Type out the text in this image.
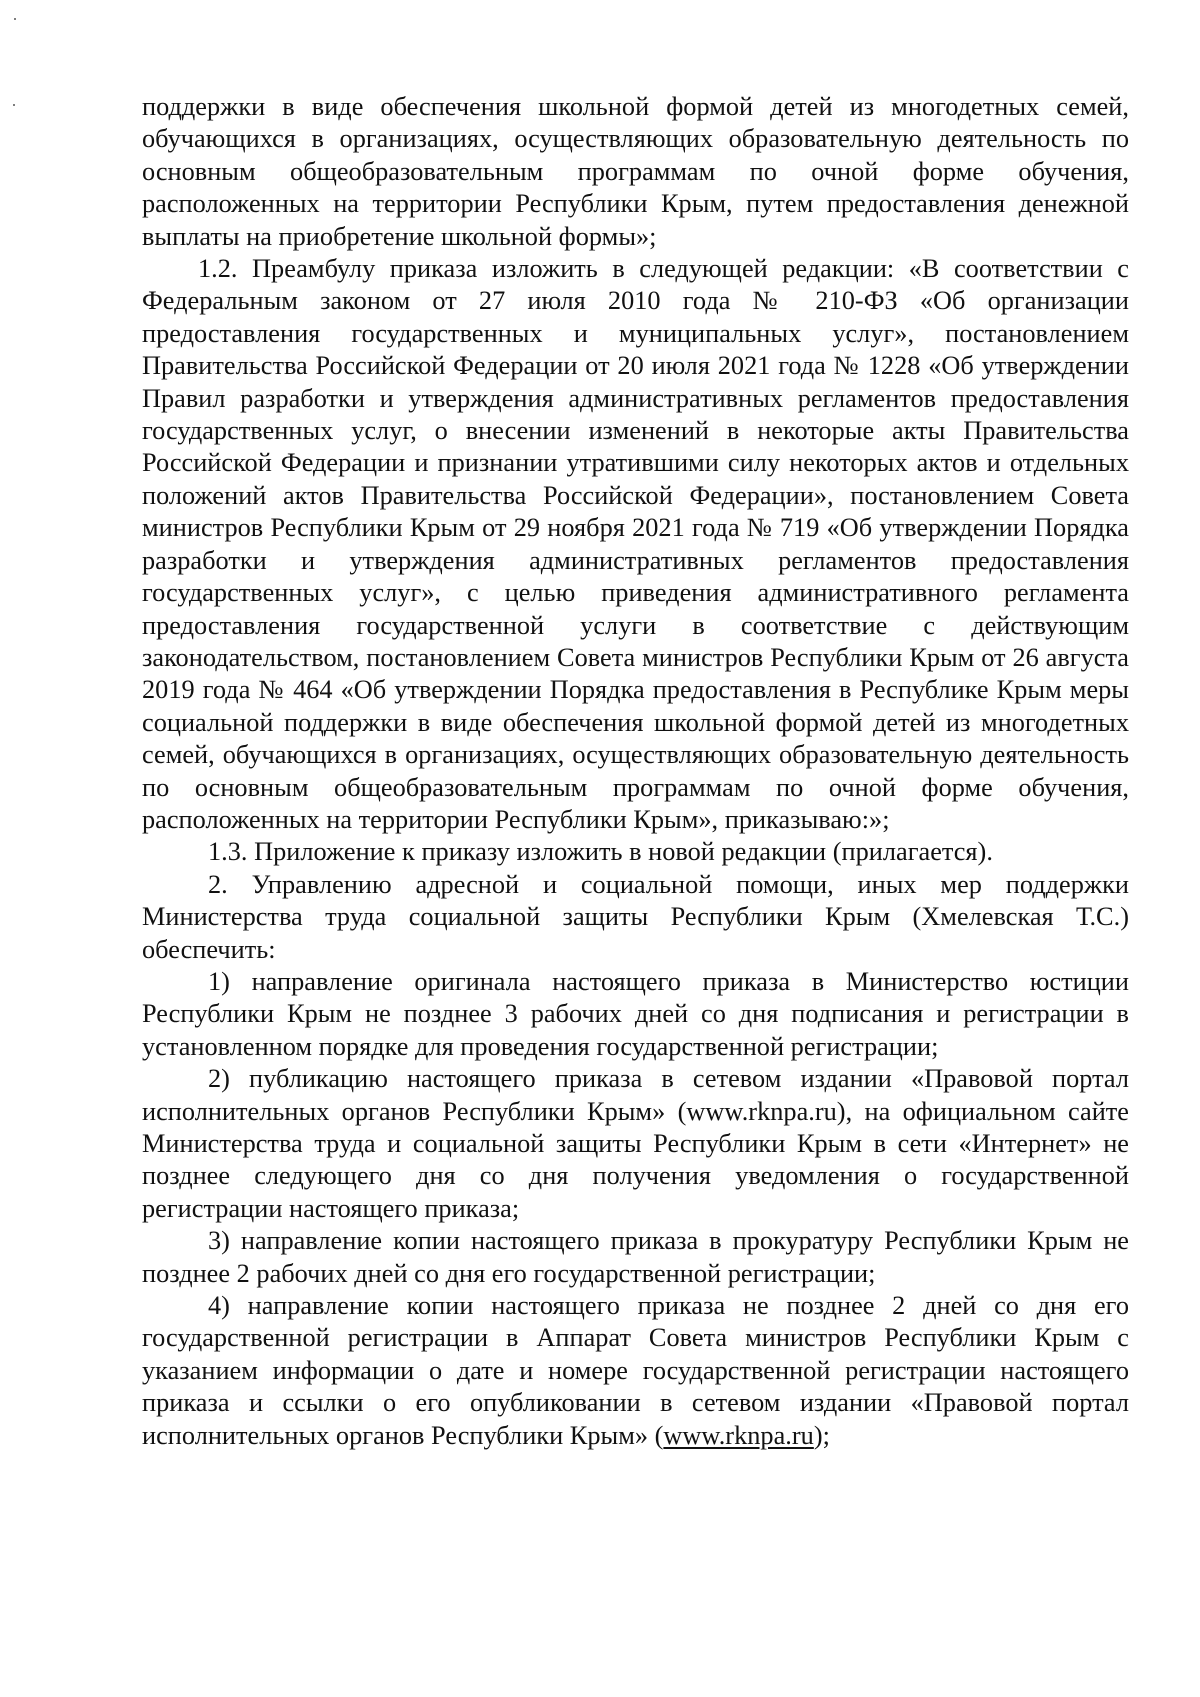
поддержки в виде обеспечения школьной формой детей из многодетных семей, обучающихся в организациях, осуществляющих образовательную деятельность по основным общеобразовательным программам по очной форме обучения, расположенных на территории Республики Крым, путем предоставления денежной выплаты на приобретение школьной формы»;

1.2. Преамбулу приказа изложить в следующей редакции: «В соответствии с Федеральным законом от 27 июля 2010 года № 210-ФЗ «Об организации предоставления государственных и муниципальных услуг», постановлением Правительства Российской Федерации от 20 июля 2021 года № 1228 «Об утверждении Правил разработки и утверждения административных регламентов предоставления государственных услуг, о внесении изменений в некоторые акты Правительства Российской Федерации и признании утратившими силу некоторых актов и отдельных положений актов Правительства Российской Федерации», постановлением Совета министров Республики Крым от 29 ноября 2021 года № 719 «Об утверждении Порядка разработки и утверждения административных регламентов предоставления государственных услуг», с целью приведения административного регламента предоставления государственной услуги в соответствие с действующим законодательством, постановлением Совета министров Республики Крым от 26 августа 2019 года № 464 «Об утверждении Порядка предоставления в Республике Крым меры социальной поддержки в виде обеспечения школьной формой детей из многодетных семей, обучающихся в организациях, осуществляющих образовательную деятельность по основным общеобразовательным программам по очной форме обучения, расположенных на территории Республики Крым», приказываю:»;

1.3. Приложение к приказу изложить в новой редакции (прилагается).

2. Управлению адресной и социальной помощи, иных мер поддержки Министерства труда социальной защиты Республики Крым (Хмелевская Т.С.) обеспечить:

1) направление оригинала настоящего приказа в Министерство юстиции Республики Крым не позднее 3 рабочих дней со дня подписания и регистрации в установленном порядке для проведения государственной регистрации;

2) публикацию настоящего приказа в сетевом издании «Правовой портал исполнительных органов Республики Крым» (www.rknpa.ru), на официальном сайте Министерства труда и социальной защиты Республики Крым в сети «Интернет» не позднее следующего дня со дня получения уведомления о государственной регистрации настоящего приказа;

3) направление копии настоящего приказа в прокуратуру Республики Крым не позднее 2 рабочих дней со дня его государственной регистрации;

4) направление копии настоящего приказа не позднее 2 дней со дня его государственной регистрации в Аппарат Совета министров Республики Крым с указанием информации о дате и номере государственной регистрации настоящего приказа и ссылки о его опубликовании в сетевом издании «Правовой портал исполнительных органов Республики Крым» (www.rknpa.ru);
